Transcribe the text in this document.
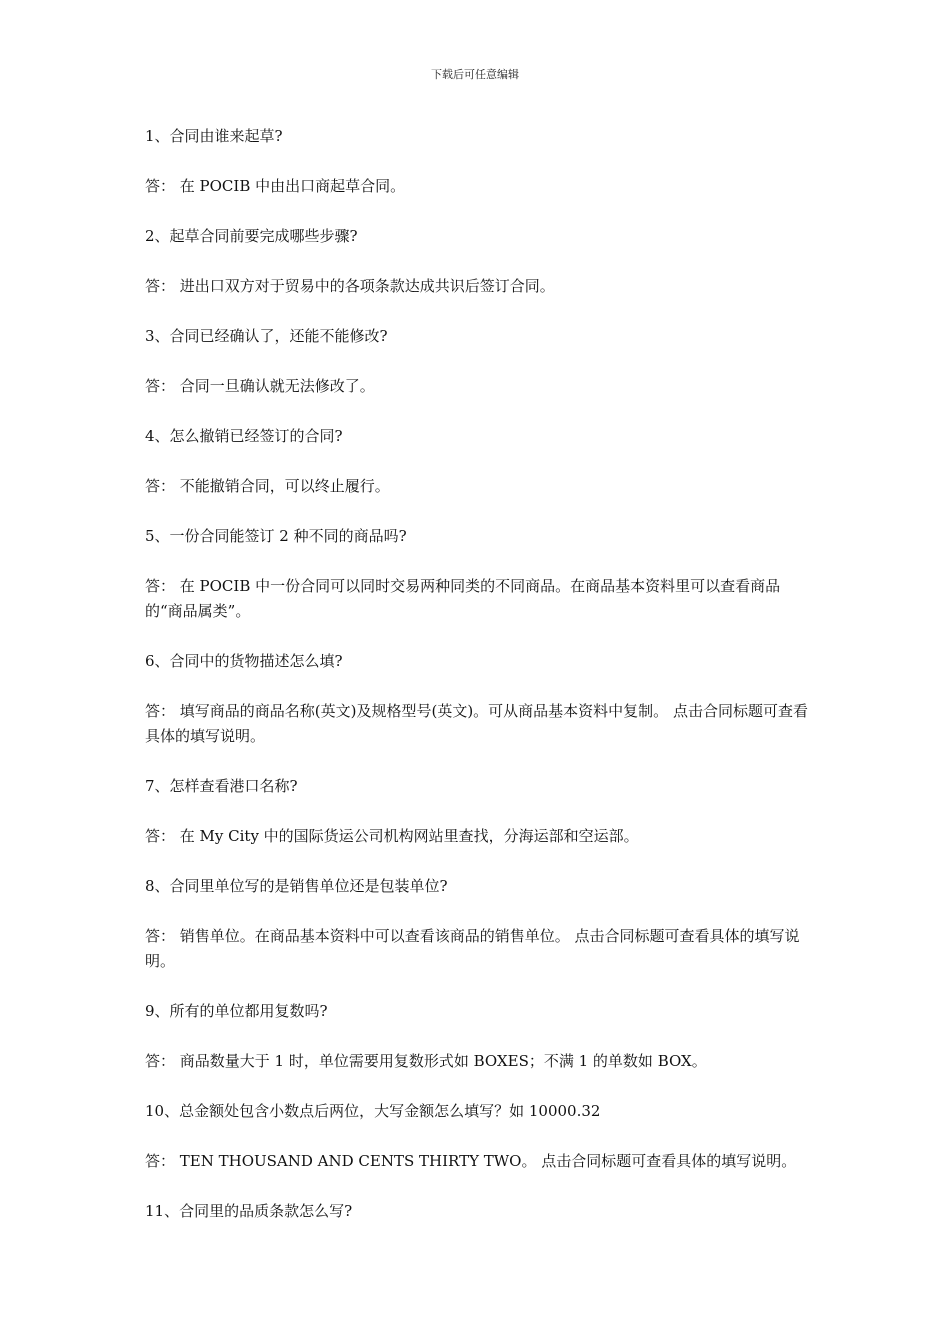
下载后可任意编辑

1、合同由谁来起草?

答： 在 POCIB 中由出口商起草合同。

2、起草合同前要完成哪些步骤?

答： 进出口双方对于贸易中的各项条款达成共识后签订合同。

3、合同已经确认了，还能不能修改?

答： 合同一旦确认就无法修改了。

4、怎么撤销已经签订的合同?

答： 不能撤销合同，可以终止履行。

5、一份合同能签订 2 种不同的商品吗?

答： 在 POCIB 中一份合同可以同时交易两种同类的不同商品。在商品基本资料里可以查看商品的“商品属类”。

6、合同中的货物描述怎么填?

答： 填写商品的商品名称(英文)及规格型号(英文)。可从商品基本资料中复制。 点击合同标题可查看具体的填写说明。

7、怎样查看港口名称?

答： 在 My City 中的国际货运公司机构网站里查找，分海运部和空运部。

8、合同里单位写的是销售单位还是包装单位?

答： 销售单位。在商品基本资料中可以查看该商品的销售单位。 点击合同标题可查看具体的填写说明。

9、所有的单位都用复数吗?

答： 商品数量大于 1 时，单位需要用复数形式如 BOXES；不满 1 的单数如 BOX。

10、总金额处包含小数点后两位，大写金额怎么填写？如 10000.32

答： TEN THOUSAND AND CENTS THIRTY TWO。 点击合同标题可查看具体的填写说明。

11、合同里的品质条款怎么写?
